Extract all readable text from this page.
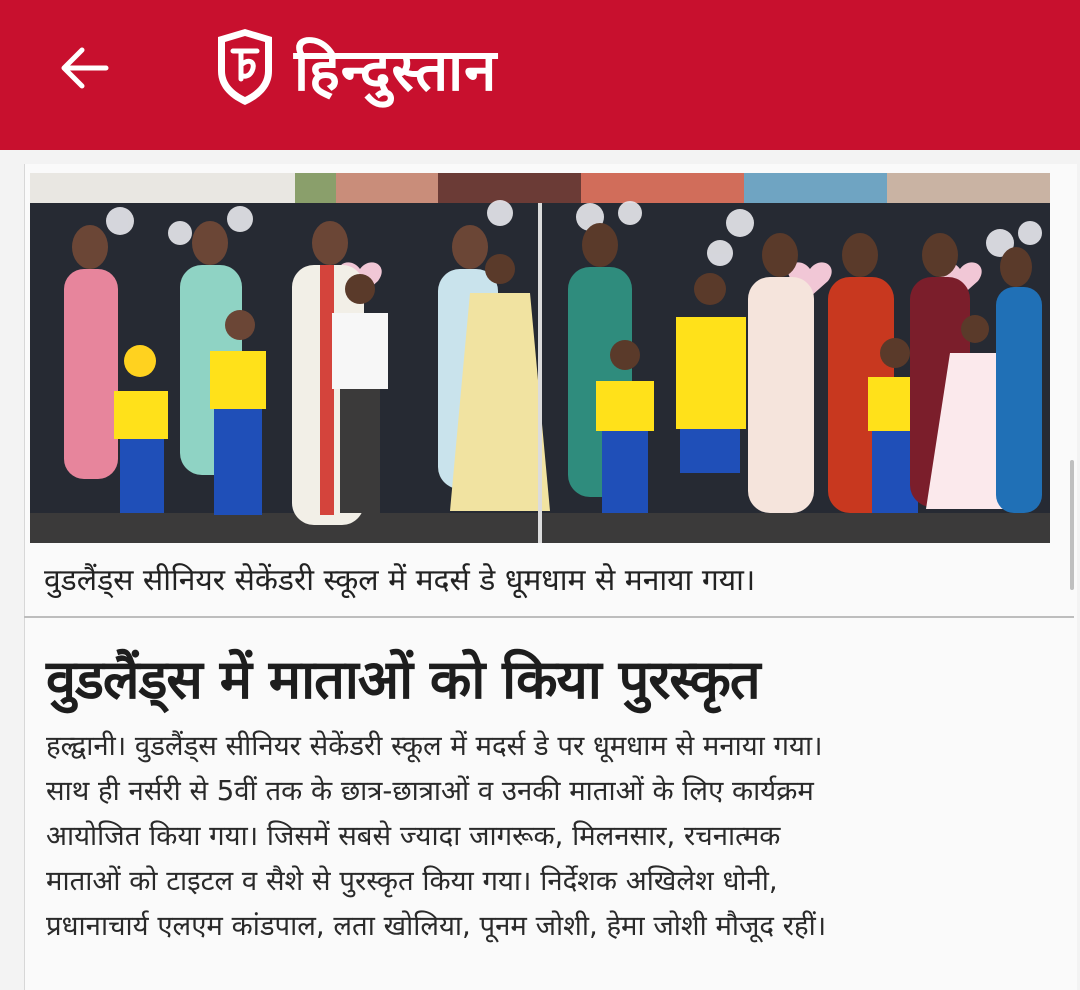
हिन्दुस्तान
वुडलैंड्स सीनियर सेकेंडरी स्कूल में मदर्स डे धूमधाम से मनाया गया।
वुडलैंड्स में माताओं को किया पुरस्कृत

हल्द्वानी। वुडलैंड्स सीनियर सेकेंडरी स्कूल में मदर्स डे पर धूमधाम से मनाया गया।

साथ ही नर्सरी से 5वीं तक के छात्र-छात्राओं व उनकी माताओं के लिए कार्यक्रम

आयोजित किया गया। जिसमें सबसे ज्यादा जागरूक, मिलनसार, रचनात्मक

माताओं को टाइटल व सैशे से पुरस्कृत किया गया। निर्देशक अखिलेश धोनी,

प्रधानाचार्य एलएम कांडपाल, लता खोलिया, पूनम जोशी, हेमा जोशी मौजूद रहीं।
